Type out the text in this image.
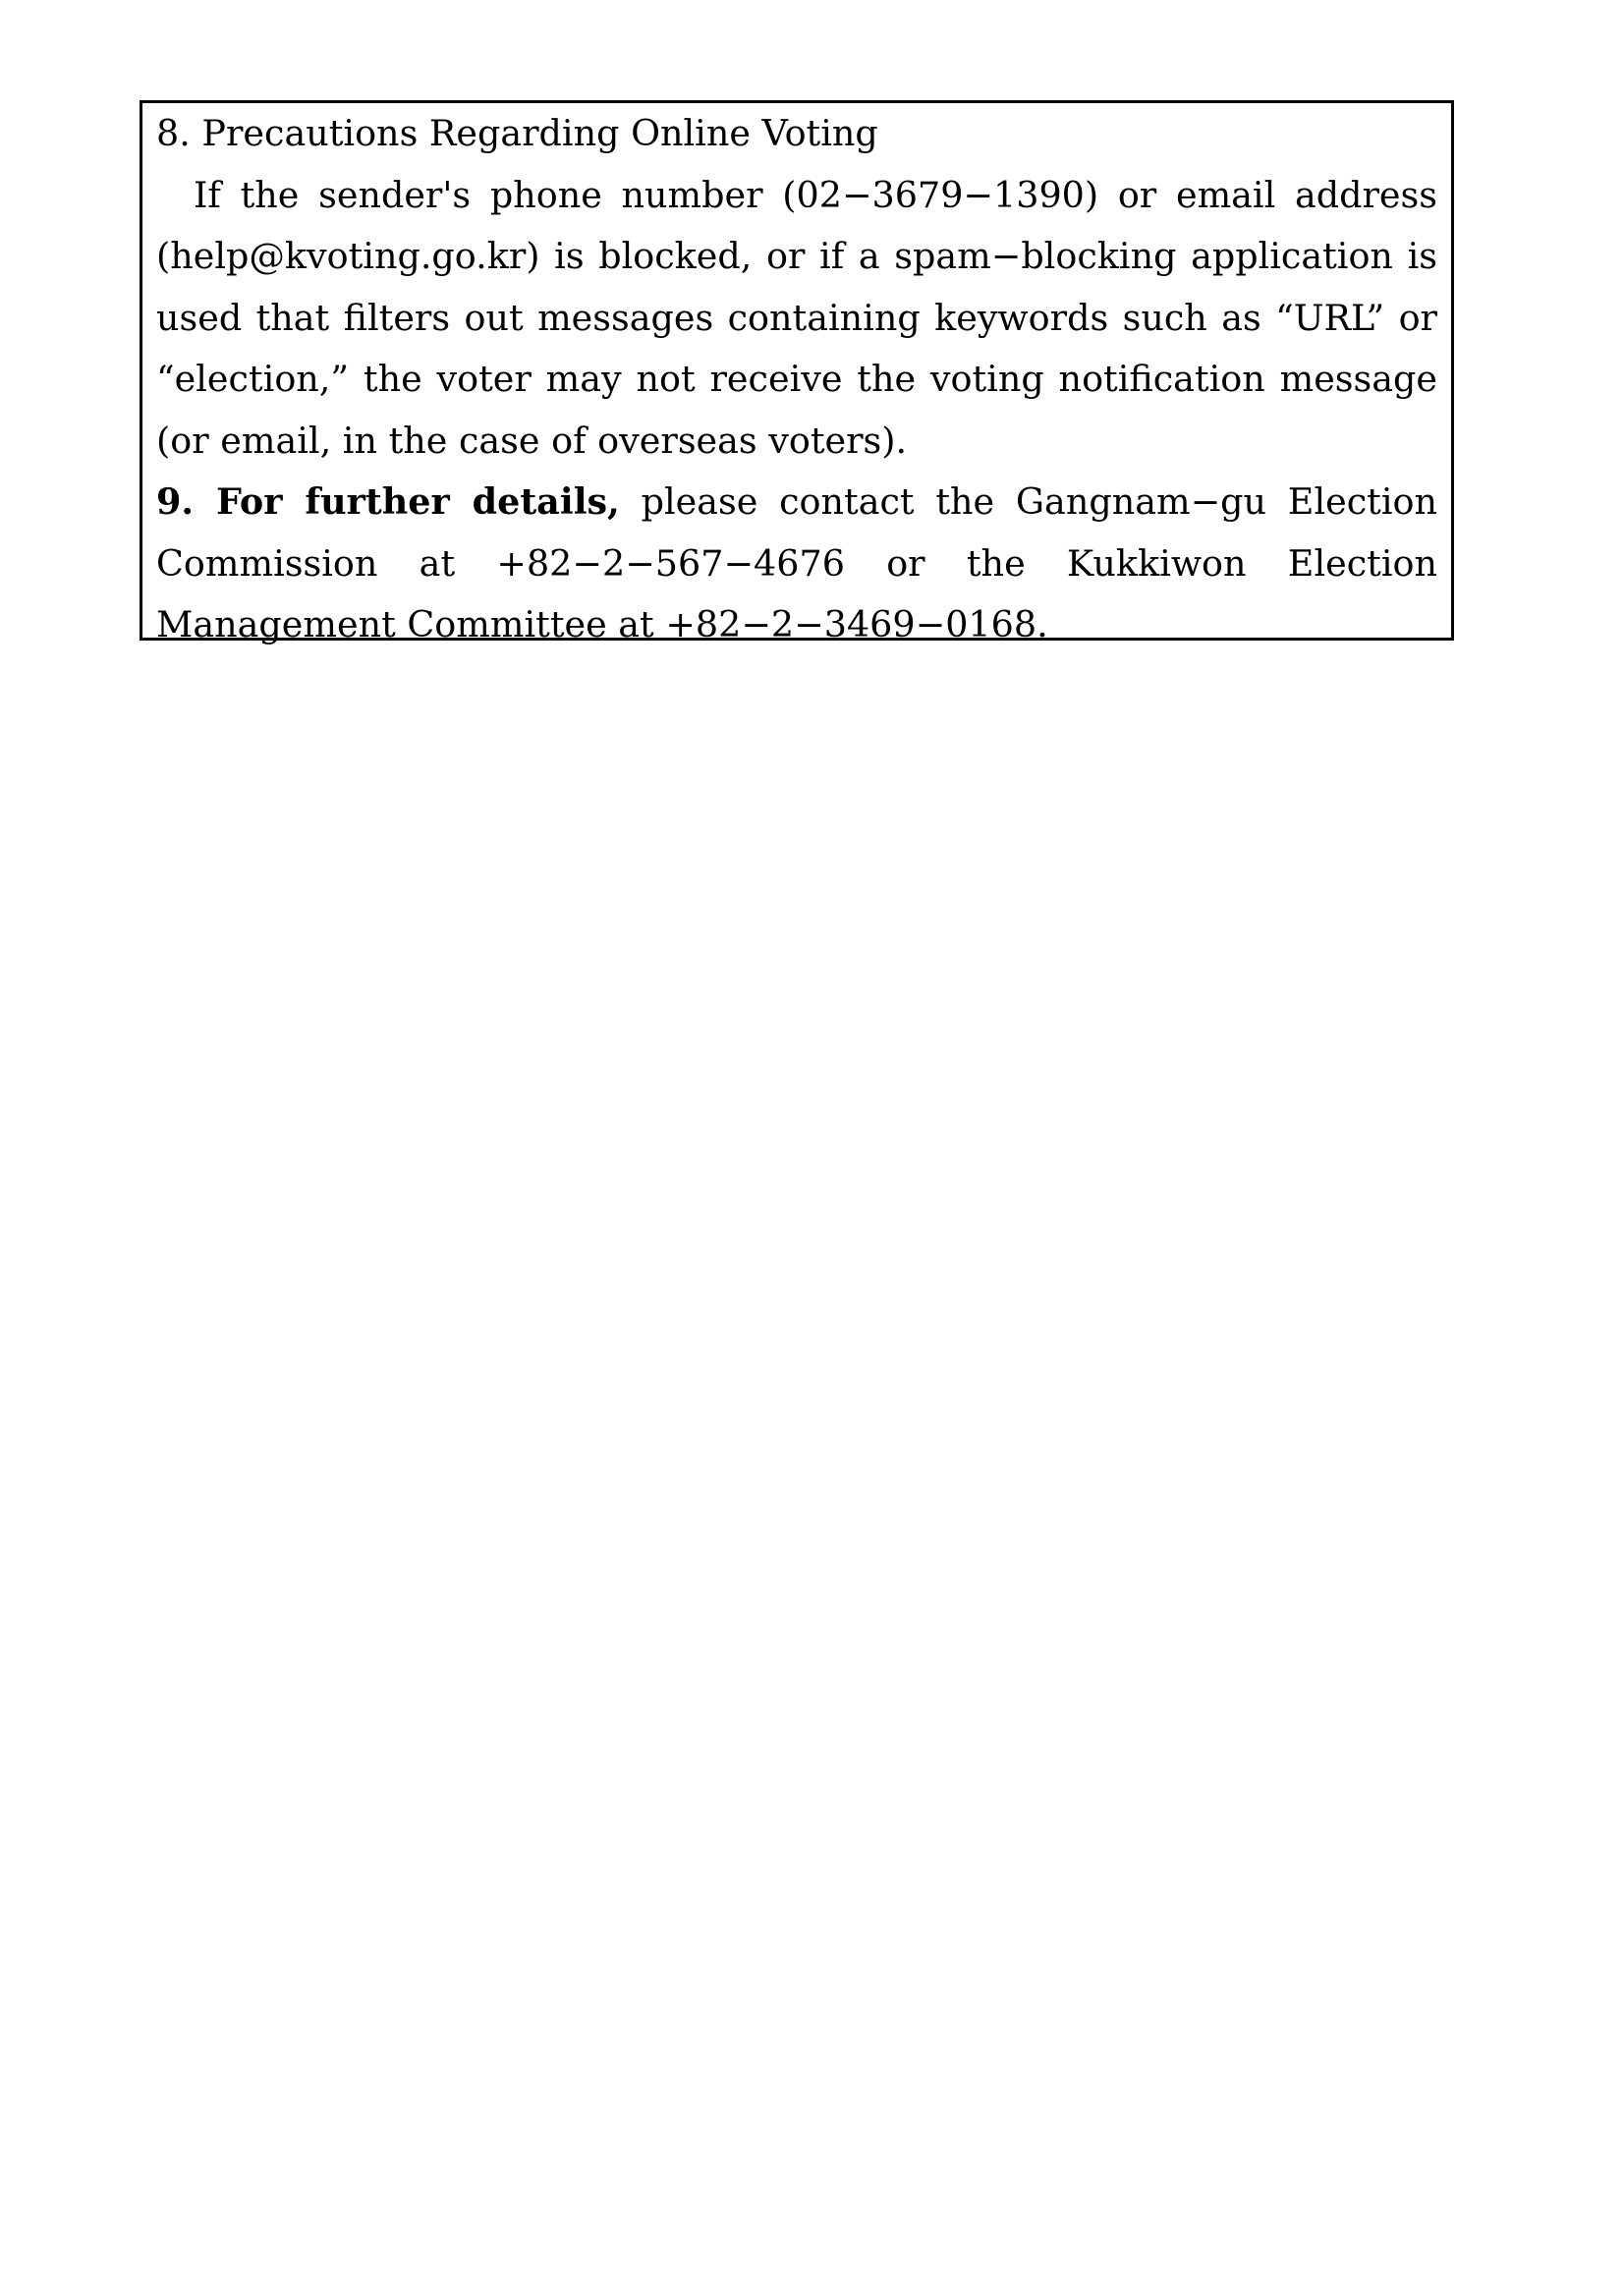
8. Precautions Regarding Online Voting

If the sender's phone number (02−3679−1390) or email address (help@kvoting.go.kr) is blocked, or if a spam−blocking application is used that filters out messages containing keywords such as “URL” or “election,” the voter may not receive the voting notification message (or email, in the case of overseas voters).

9. For further details, please contact the Gangnam−gu Election Commission at +82−2−567−4676 or the Kukkiwon Election Management Committee at +82−2−3469−0168.
